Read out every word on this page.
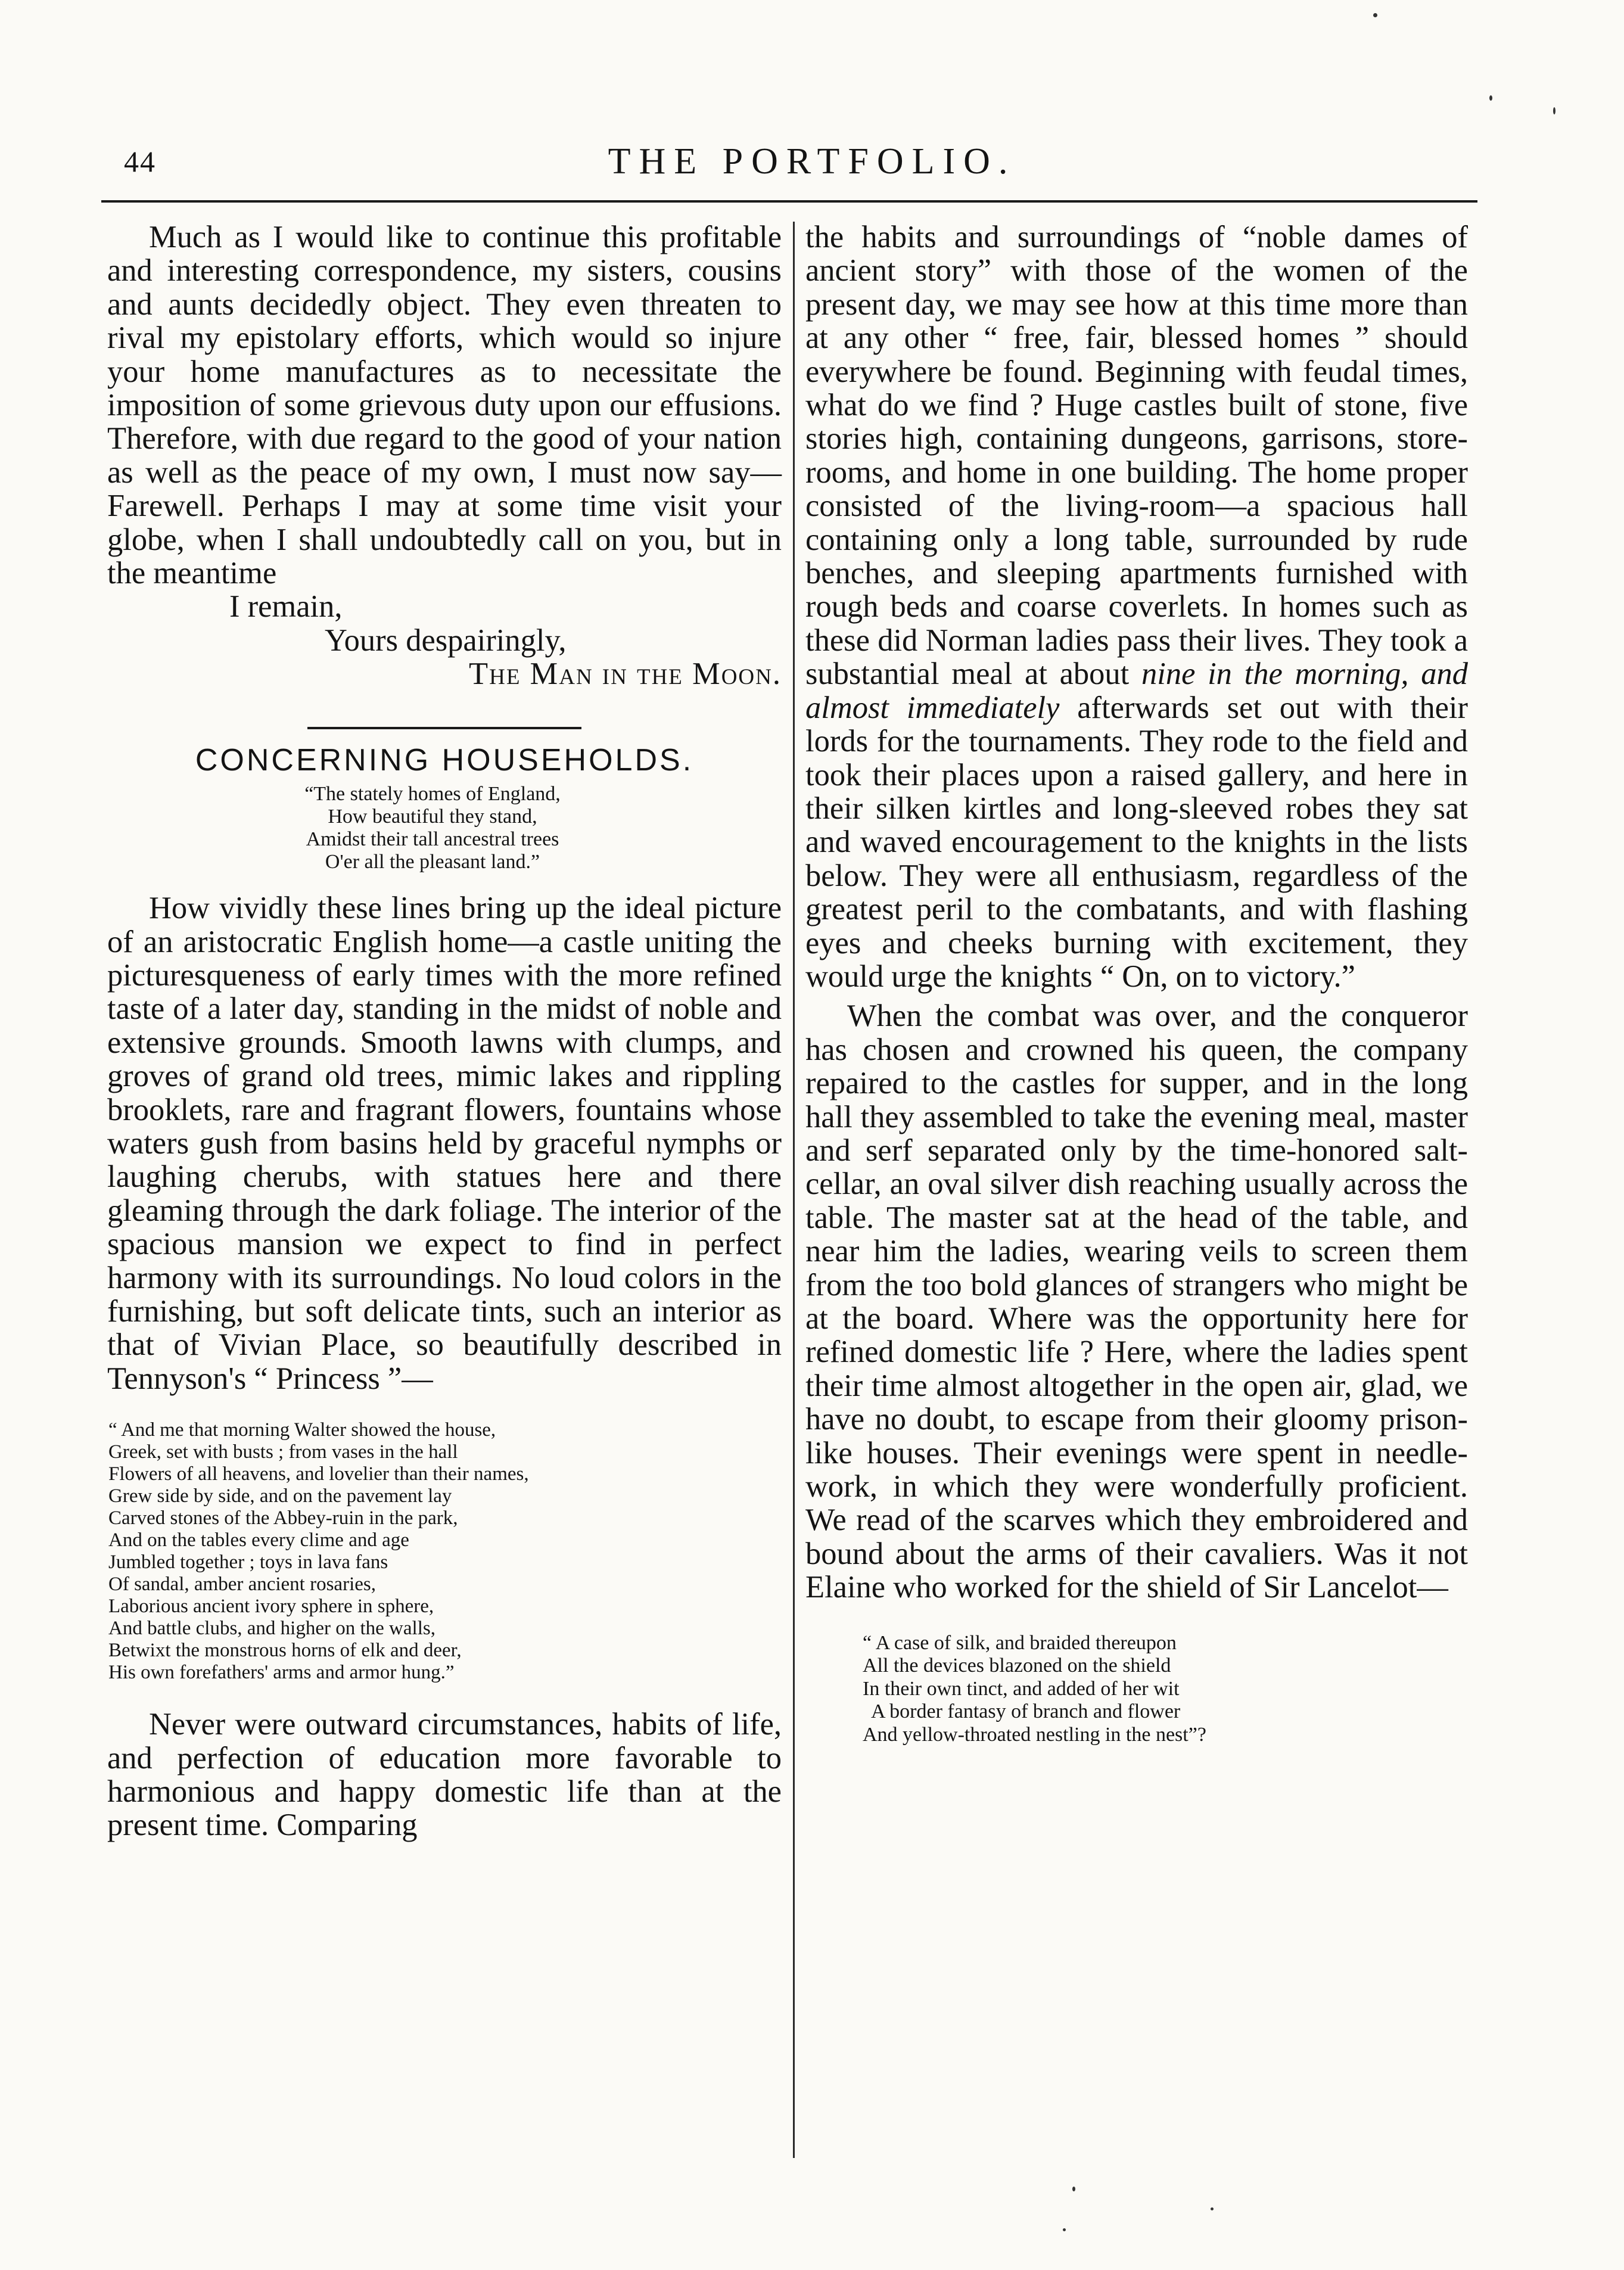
44	THE PORTFOLIO.

Much as I would like to continue this profitable and interesting correspondence, my sisters, cousins and aunts decidedly object. They even threaten to rival my epistolary efforts, which would so injure your home manufactures as to necessitate the imposition of some grievous duty upon our effusions. Therefore, with due regard to the good of your nation as well as the peace of my own, I must now say—Farewell. Perhaps I may at some time visit your globe, when I shall undoubtedly call on you, but in the meantime

I remain,
Yours despairingly,
The Man in the Moon.
CONCERNING HOUSEHOLDS.
“The stately homes of England,
How beautiful they stand,
Amidst their tall ancestral trees
O'er all the pleasant land.”

How vividly these lines bring up the ideal picture of an aristocratic English home—a castle uniting the picturesqueness of early times with the more refined taste of a later day, standing in the midst of noble and extensive grounds. Smooth lawns with clumps, and groves of grand old trees, mimic lakes and rippling brooklets, rare and fragrant flowers, fountains whose waters gush from basins held by graceful nymphs or laughing cherubs, with statues here and there gleaming through the dark foliage. The interior of the spacious mansion we expect to find in perfect harmony with its surroundings. No loud colors in the furnishing, but soft delicate tints, such an interior as that of Vivian Place, so beautifully described in Tennyson's “ Princess ”—

“ And me that morning Walter showed the house,
Greek, set with busts ; from vases in the hall
Flowers of all heavens, and lovelier than their names,
Grew side by side, and on the pavement lay
Carved stones of the Abbey-ruin in the park,
And on the tables every clime and age
Jumbled together ; toys in lava fans
Of sandal, amber ancient rosaries,
Laborious ancient ivory sphere in sphere,
And battle clubs, and higher on the walls,
Betwixt the monstrous horns of elk and deer,
His own forefathers' arms and armor hung.”

Never were outward circumstances, habits of life, and perfection of education more favorable to harmonious and happy domestic life than at the present time. Comparing

the habits and surroundings of “noble dames of ancient story” with those of the women of the present day, we may see how at this time more than at any other “ free, fair, blessed homes ” should everywhere be found. Beginning with feudal times, what do we find ? Huge castles built of stone, five stories high, containing dungeons, garrisons, store-rooms, and home in one building. The home proper consisted of the living-room—a spacious hall containing only a long table, surrounded by rude benches, and sleeping apartments furnished with rough beds and coarse coverlets. In homes such as these did Norman ladies pass their lives. They took a substantial meal at about nine in the morning, and almost immediately afterwards set out with their lords for the tournaments. They rode to the field and took their places upon a raised gallery, and here in their silken kirtles and long-sleeved robes they sat and waved encouragement to the knights in the lists below. They were all enthusiasm, regardless of the greatest peril to the combatants, and with flashing eyes and cheeks burning with excitement, they would urge the knights “ On, on to victory.”

When the combat was over, and the conqueror has chosen and crowned his queen, the company repaired to the castles for supper, and in the long hall they assembled to take the evening meal, master and serf separated only by the time-honored salt-cellar, an oval silver dish reaching usually across the table. The master sat at the head of the table, and near him the ladies, wearing veils to screen them from the too bold glances of strangers who might be at the board. Where was the opportunity here for refined domestic life ? Here, where the ladies spent their time almost altogether in the open air, glad, we have no doubt, to escape from their gloomy prison-like houses. Their evenings were spent in needle-work, in which they were wonderfully proficient. We read of the scarves which they embroidered and bound about the arms of their cavaliers. Was it not Elaine who worked for the shield of Sir Lancelot—

“ A case of silk, and braided thereupon
All the devices blazoned on the shield
In their own tinct, and added of her wit
A border fantasy of branch and flower
And yellow-throated nestling in the nest”?
